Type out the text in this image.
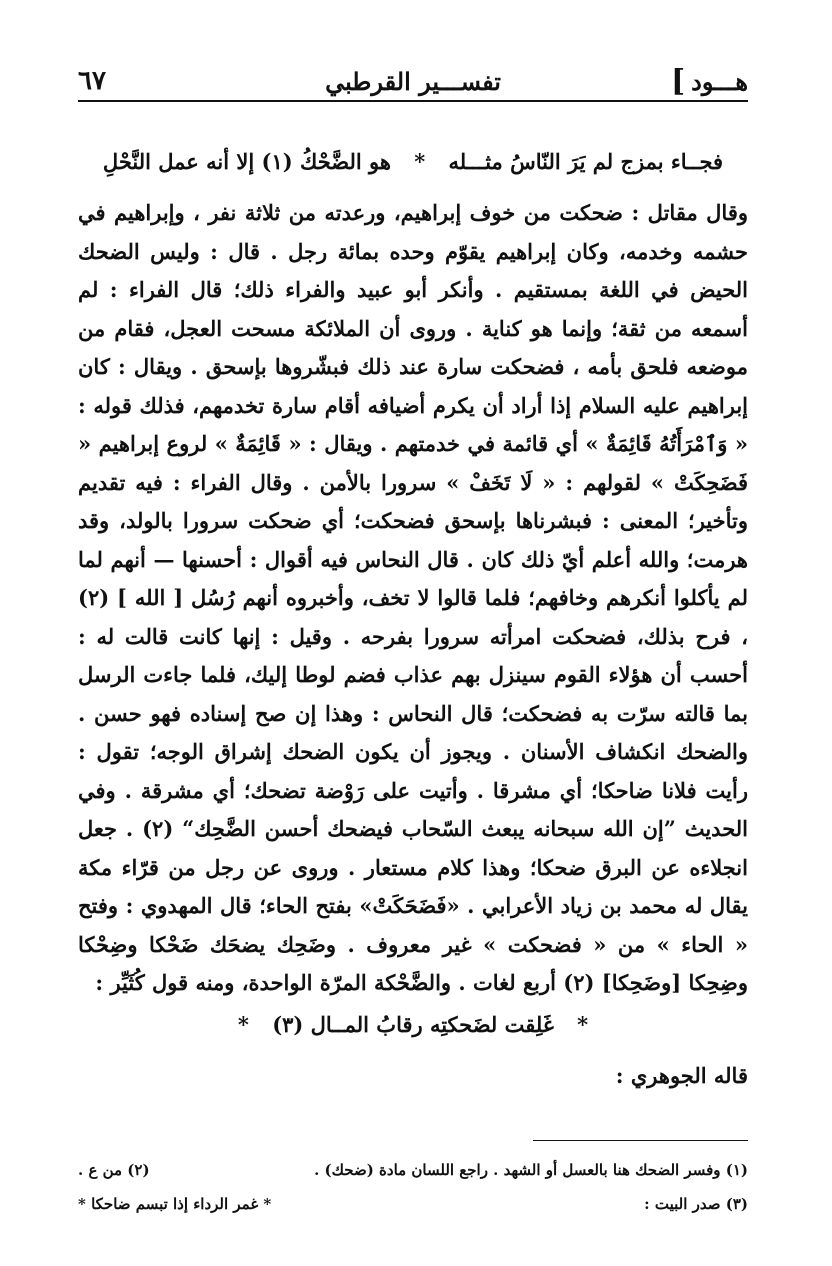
هـــود
]
تفســـير القرطبي
٦٧
فجــاء بمزج لم يَرَ النّاسُ مثـــله * هو الضَّحْكُ (١) إلا أنه عمل النَّحْلِ

وقال مقاتل : ضحكت من خوف إبراهيم، ورعدته من ثلاثة نفر ، وإبراهيم في حشمه وخدمه، وكان إبراهيم يقوّم وحده بمائة رجل . قال : وليس الضحك الحيض في اللغة بمستقيم . وأنكر أبو عبيد والفراء ذلك؛ قال الفراء : لم أسمعه من ثقة؛ وإنما هو كناية . وروى أن الملائكة مسحت العجل، فقام من موضعه فلحق بأمه ، فضحكت سارة عند ذلك فبشّروها بإسحق . ويقال : كان إبراهيم عليه السلام إذا أراد أن يكرم أضيافه أقام سارة تخدمهم، فذلك قوله : « وَٱمْرَأَتُهُ قَائِمَةٌ » أي قائمة في خدمتهم . ويقال : « قَائِمَةٌ » لروع إبراهيم « فَضَحِكَتْ » لقولهم : « لَا تَخَفْ » سرورا بالأمن . وقال الفراء : فيه تقديم وتأخير؛ المعنى : فبشرناها بإسحق فضحكت؛ أي ضحكت سرورا بالولد، وقد هرمت؛ والله أعلم أيّ ذلك كان . قال النحاس فيه أقوال : أحسنها — أنهم لما لم يأكلوا أنكرهم وخافهم؛ فلما قالوا لا تخف، وأخبروه أنهم رُسُل [ الله ] (٢) ، فرح بذلك، فضحكت امرأته سرورا بفرحه . وقيل : إنها كانت قالت له : أحسب أن هؤلاء القوم سينزل بهم عذاب فضم لوطا إليك، فلما جاءت الرسل بما قالته سرّت به فضحكت؛ قال النحاس : وهذا إن صح إسناده فهو حسن . والضحك انكشاف الأسنان . ويجوز أن يكون الضحك إشراق الوجه؛ تقول : رأيت فلانا ضاحكا؛ أي مشرقا . وأتيت على رَوْضة تضحك؛ أي مشرقة . وفي الحديث ”إن الله سبحانه يبعث السّحاب فيضحك أحسن الضَّحِك“ (٢) . جعل انجلاءه عن البرق ضحكا؛ وهذا كلام مستعار . وروى عن رجل من قرّاء مكة يقال له محمد بن زياد الأعرابي . «فَضَحَكَتْ» بفتح الحاء؛ قال المهدوي : وفتح « الحاء » من « فضحكت » غير معروف . وضَحِك يضحَك ضَحْكا وضِحْكا وضِحِكا [وضَحِكا] (٢) أربع لغات . والضَّحْكة المرّة الواحدة، ومنه قول كُثَيِّر :

* غَلِقت لضَحكتِه رقابُ المــال (٣) *

قاله الجوهري :

(١) وفسر الضحك هنا بالعسل أو الشهد . راجع اللسان مادة (ضحك) .
(٢) من ع .
(٣) صدر البيت :
* غمر الرداء إذا تبسم ضاحكا *
